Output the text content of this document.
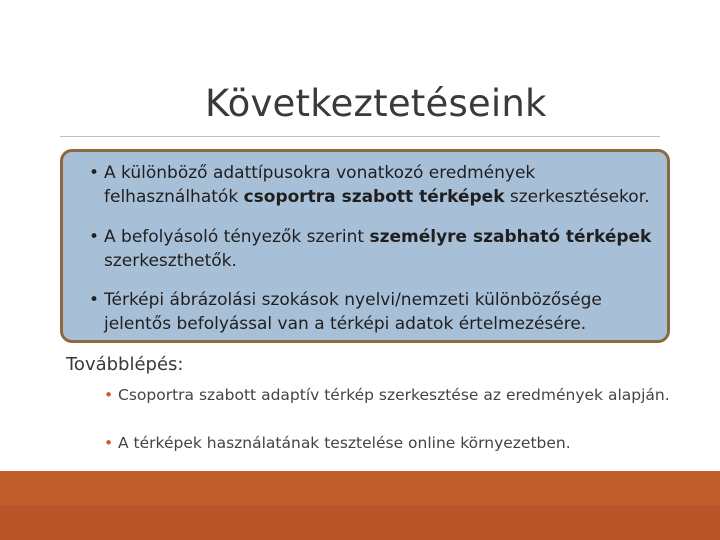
Következtetéseink
• A különböző adattípusokra vonatkozó eredmények felhasználhatók csoportra szabott térképek szerkesztésekor.
• A befolyásoló tényezők szerint személyre szabható térképek szerkeszthetők.
• Térképi ábrázolási szokások nyelvi/nemzeti különbözősége jelentős befolyással van a térképi adatok értelmezésére.
Továbblépés:
• Csoportra szabott adaptív térkép szerkesztése az eredmények alapján.
• A térképek használatának tesztelése online környezetben.
